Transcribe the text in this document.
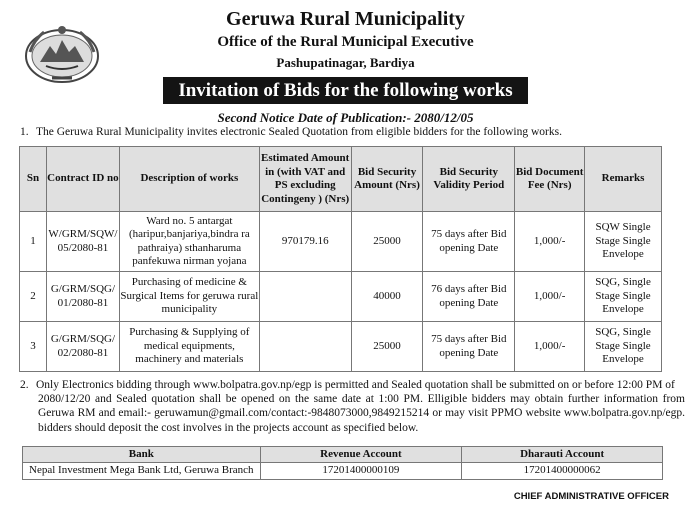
Geruwa Rural Municipality
Office of the Rural Municipal Executive
Pashupatinagar, Bardiya
Invitation of Bids for the following works
Second Notice Date of Publication:- 2080/12/05
1. The Geruwa Rural Municipality invites electronic Sealed Quotation from eligible bidders for the following works.
Sn	Contract ID no	Description of works	Estimated Amount in (with VAT and PS excluding Contingeny ) (Nrs)	Bid Security Amount (Nrs)	Bid Security Validity Period	Bid Document Fee (Nrs)	Remarks
1	W/GRM/SQW/ 05/2080-81	Ward no. 5 antargat (haripur,banjariya,bindra ra pathraiya) sthanharuma panfekuwa nirman yojana	970179.16	25000	75 days after Bid opening Date	1,000/-	SQW Single Stage Single Envelope
2	G/GRM/SQG/ 01/2080-81	Purchasing of medicine & Surgical Items for geruwa rural municipality		40000	76 days after Bid opening Date	1,000/-	SQG, Single Stage Single Envelope
3	G/GRM/SQG/ 02/2080-81	Purchasing & Supplying of medical equipments, machinery and materials		25000	75 days after Bid opening Date	1,000/-	SQG, Single Stage Single Envelope
2. Only Electronics bidding through www.bolpatra.gov.np/egp is permitted and Sealed quotation shall be submitted on or before 12:00 PM of
2080/12/20 and Sealed quotation shall be opened on the same date at 1:00 PM. Elligible bidders may obtain further information from Geruwa RM and email:- geruwamun@gmail.com/contact:-9848073000,9849215214 or may visit PPMO website www.bolpatra.gov.np/egp. bidders should deposit the cost involves in the projects account as specified below.
Bank	Revenue Account	Dharauti Account
Nepal Investment Mega Bank Ltd, Geruwa Branch	17201400000109	17201400000062
CHIEF ADMINISTRATIVE OFFICER
